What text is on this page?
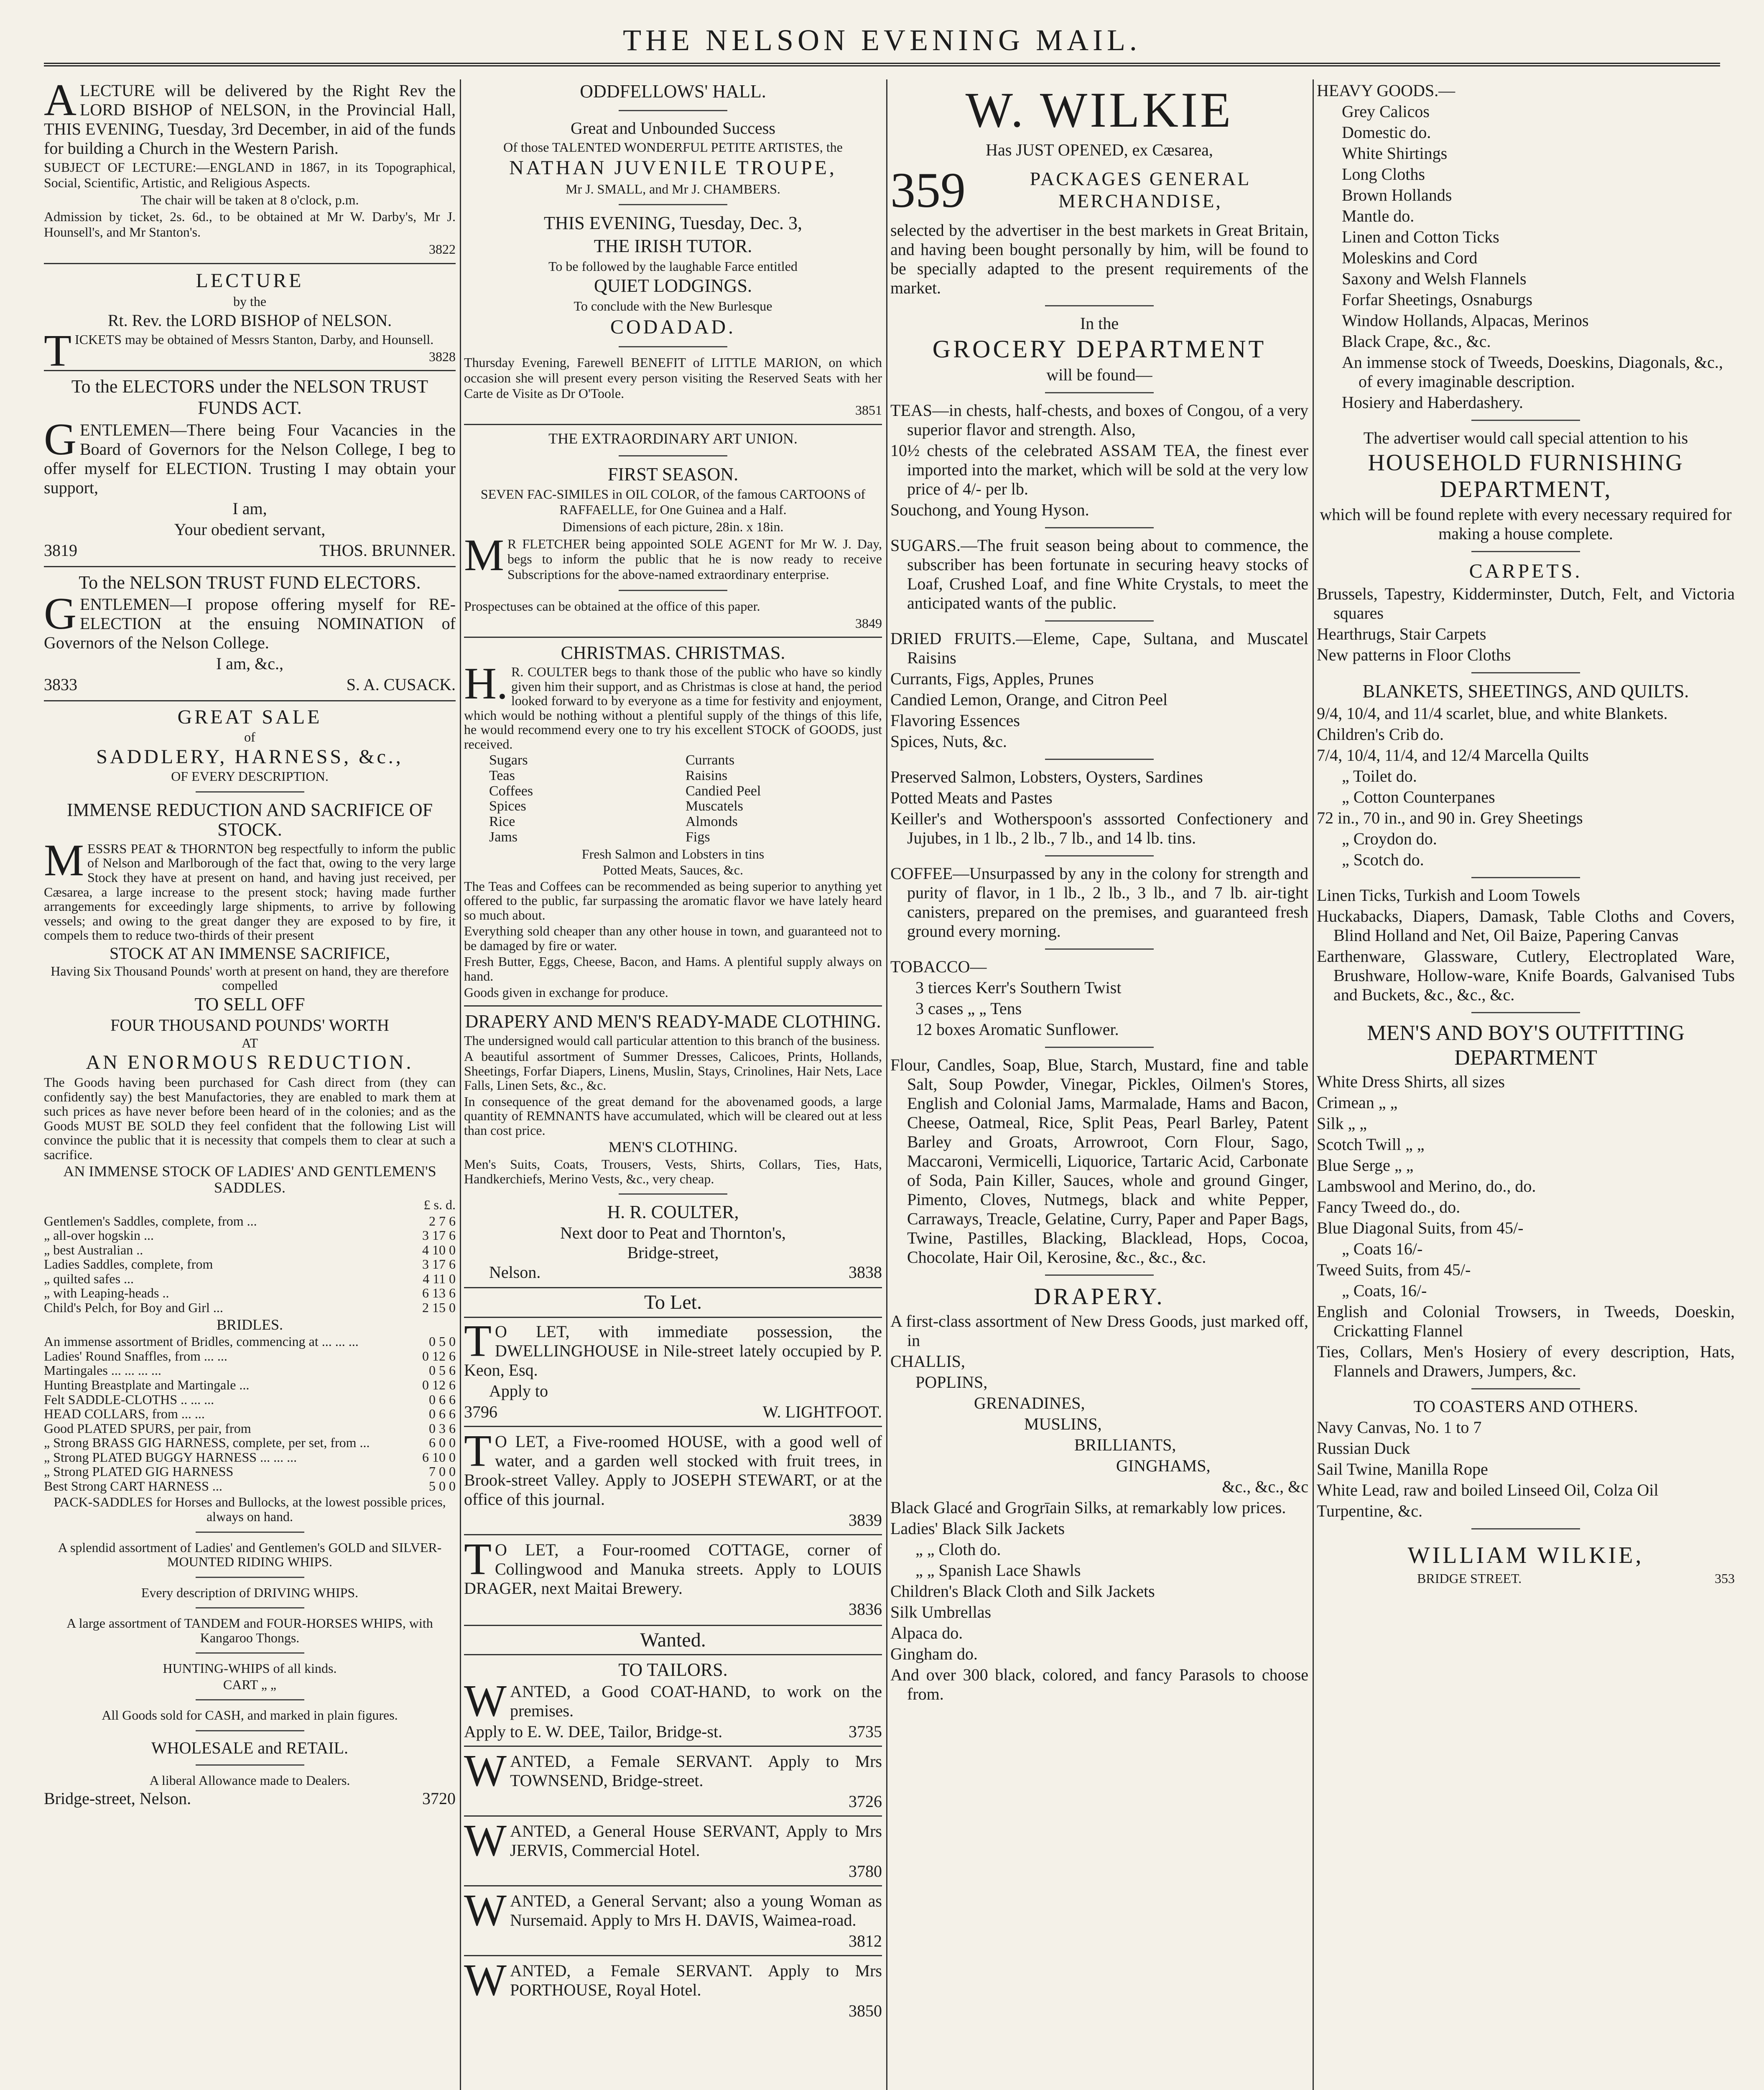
THE NELSON EVENING MAIL.

ALECTURE will be delivered by the Right Rev the LORD BISHOP of NELSON, in the Provincial Hall, THIS EVENING, Tuesday, 3rd December, in aid of the funds for building a Church in the Western Parish.

SUBJECT OF LECTURE:—ENGLAND in 1867, in its Topographical, Social, Scientific, Artistic, and Religious Aspects.

The chair will be taken at 8 o'clock, p.m.

Admission by ticket, 2s. 6d., to be obtained at Mr W. Darby's, Mr J. Hounsell's, and Mr Stanton's.

3822

LECTURE

by the

Rt. Rev. the LORD BISHOP of NELSON.

TICKETS may be obtained of Messrs Stanton, Darby, and Hounsell.

3828

To the ELECTORS under the NELSON TRUST FUNDS ACT.

GENTLEMEN—There being Four Vacancies in the Board of Governors for the Nelson College, I beg to offer myself for ELECTION. Trusting I may obtain your support,

I am,

Your obedient servant,

3819	THOS. BRUNNER.

To the NELSON TRUST FUND ELECTORS.

GENTLEMEN—I propose offering myself for RE-ELECTION at the ensuing NOMINATION of Governors of the Nelson College.

I am, &c.,

3833	S. A. CUSACK.

GREAT SALE

of

SADDLERY, HARNESS, &c.,

OF EVERY DESCRIPTION.

IMMENSE REDUCTION AND SACRIFICE OF STOCK.

MESSRS PEAT & THORNTON beg respectfully to inform the public of Nelson and Marlborough of the fact that, owing to the very large Stock they have at present on hand, and having just received, per Cæsarea, a large increase to the present stock; having made further arrangements for exceedingly large shipments, to arrive by following vessels; and owing to the great danger they are exposed to by fire, it compels them to reduce two-thirds of their present

STOCK AT AN IMMENSE SACRIFICE,

Having Six Thousand Pounds' worth at present on hand, they are therefore compelled

TO SELL OFF

FOUR THOUSAND POUNDS' WORTH

AT

AN ENORMOUS REDUCTION.

The Goods having been purchased for Cash direct from (they can confidently say) the best Manufactories, they are enabled to mark them at such prices as have never before been heard of in the colonies; and as the Goods MUST BE SOLD they feel confident that the following List will convince the public that it is necessity that compels them to clear at such a sacrifice.

AN IMMENSE STOCK OF LADIES' AND GENTLEMEN'S SADDLES.

£ s. d.

Gentlemen's Saddles, complete, from ...	2 7 6
„ all-over hogskin ...	3 17 6
„ best Australian ..	4 10 0
Ladies Saddles, complete, from	3 17 6
„ quilted safes ...	4 11 0
„ with Leaping-heads ..	6 13 6
Child's Pelch, for Boy and Girl ...	2 15 0

BRIDLES.

An immense assortment of Bridles, commencing at ... ... ...	0 5 0
Ladies' Round Snaffles, from ... ...	0 12 6
Martingales ... ... ... ...	0 5 6
Hunting Breastplate and Martingale ...	0 12 6
Felt SADDLE-CLOTHS .. ... ...	0 6 6
HEAD COLLARS, from ... ...	0 6 6
Good PLATED SPURS, per pair, from	0 3 6
„ Strong BRASS GIG HARNESS, complete, per set, from ...	6 0 0
„ Strong PLATED BUGGY HARNESS ... ... ...	6 10 0
„ Strong PLATED GIG HARNESS	7 0 0
Best Strong CART HARNESS ...	5 0 0

PACK-SADDLES for Horses and Bullocks, at the lowest possible prices, always on hand.

A splendid assortment of Ladies' and Gentlemen's GOLD and SILVER-MOUNTED RIDING WHIPS.

Every description of DRIVING WHIPS.

A large assortment of TANDEM and FOUR-HORSES WHIPS, with Kangaroo Thongs.

HUNTING-WHIPS of all kinds.

CART „ „

All Goods sold for CASH, and marked in plain figures.

WHOLESALE and RETAIL.

A liberal Allowance made to Dealers.

Bridge-street, Nelson.	3720

ODDFELLOWS' HALL.

Great and Unbounded Success

Of those TALENTED WONDERFUL PETITE ARTISTES, the

NATHAN JUVENILE TROUPE,

Mr J. SMALL, and Mr J. CHAMBERS.

THIS EVENING, Tuesday, Dec. 3,

THE IRISH TUTOR.

To be followed by the laughable Farce entitled

QUIET LODGINGS.

To conclude with the New Burlesque

CODADAD.

Thursday Evening, Farewell BENEFIT of LITTLE MARION, on which occasion she will present every person visiting the Reserved Seats with her Carte de Visite as Dr O'Toole.

3851

THE EXTRAORDINARY ART UNION.

FIRST SEASON.

SEVEN FAC-SIMILES in OIL COLOR, of the famous CARTOONS of RAFFAELLE, for One Guinea and a Half.

Dimensions of each picture, 28in. x 18in.

MR FLETCHER being appointed SOLE AGENT for Mr W. J. Day, begs to inform the public that he is now ready to receive Subscriptions for the above-named extraordinary enterprise.

Prospectuses can be obtained at the office of this paper.

3849

CHRISTMAS. CHRISTMAS.

H.R. COULTER begs to thank those of the public who have so kindly given him their support, and as Christmas is close at hand, the period looked forward to by everyone as a time for festivity and enjoyment, which would be nothing without a plentiful supply of the things of this life, he would recommend every one to try his excellent STOCK of GOODS, just received.

Sugars	Currants
Teas	Raisins
Coffees	Candied Peel
Spices	Muscatels
Rice	Almonds
Jams	Figs

Fresh Salmon and Lobsters in tins

Potted Meats, Sauces, &c.

The Teas and Coffees can be recommended as being superior to anything yet offered to the public, far surpassing the aromatic flavor we have lately heard so much about.

Everything sold cheaper than any other house in town, and guaranteed not to be damaged by fire or water.

Fresh Butter, Eggs, Cheese, Bacon, and Hams. A plentiful supply always on hand.

Goods given in exchange for produce.

DRAPERY AND MEN'S READY-MADE CLOTHING.

The undersigned would call particular attention to this branch of the business.

A beautiful assortment of Summer Dresses, Calicoes, Prints, Hollands, Sheetings, Forfar Diapers, Linens, Muslin, Stays, Crinolines, Hair Nets, Lace Falls, Linen Sets, &c., &c.

In consequence of the great demand for the abovenamed goods, a large quantity of REMNANTS have accumulated, which will be cleared out at less than cost price.

MEN'S CLOTHING.

Men's Suits, Coats, Trousers, Vests, Shirts, Collars, Ties, Hats, Handkerchiefs, Merino Vests, &c., very cheap.

H. R. COULTER,

Next door to Peat and Thornton's,

Bridge-street,

Nelson.	3838
To Let.

TO LET, with immediate possession, the DWELLINGHOUSE in Nile-street lately occupied by P. Keon, Esq.

Apply to

3796	W. LIGHTFOOT.

TO LET, a Five-roomed HOUSE, with a good well of water, and a garden well stocked with fruit trees, in Brook-street Valley. Apply to JOSEPH STEWART, or at the office of this journal.

3839

TO LET, a Four-roomed COTTAGE, corner of Collingwood and Manuka streets. Apply to LOUIS DRAGER, next Maitai Brewery.

3836

Wanted.

TO TAILORS.

WANTED, a Good COAT-HAND, to work on the premises.

Apply to E. W. DEE, Tailor, Bridge-st.	3735

WANTED, a Female SERVANT. Apply to Mrs TOWNSEND, Bridge-street.

3726

WANTED, a General House SERVANT, Apply to Mrs JERVIS, Commercial Hotel.

3780

WANTED, a General Servant; also a young Woman as Nursemaid. Apply to Mrs H. DAVIS, Waimea-road.

3812

WANTED, a Female SERVANT. Apply to Mrs PORTHOUSE, Royal Hotel.

3850

W. WILKIE

Has JUST OPENED, ex Cæsarea,

359	PACKAGES GENERAL MERCHANDISE,

selected by the advertiser in the best markets in Great Britain, and having been bought personally by him, will be found to be specially adapted to the present requirements of the market.

In the

GROCERY DEPARTMENT

will be found—

TEAS—in chests, half-chests, and boxes of Congou, of a very superior flavor and strength. Also,

10½ chests of the celebrated ASSAM TEA, the finest ever imported into the market, which will be sold at the very low price of 4/- per lb.

Souchong, and Young Hyson.

SUGARS.—The fruit season being about to commence, the subscriber has been fortunate in securing heavy stocks of Loaf, Crushed Loaf, and fine White Crystals, to meet the anticipated wants of the public.

DRIED FRUITS.—Eleme, Cape, Sultana, and Muscatel Raisins

Currants, Figs, Apples, Prunes

Candied Lemon, Orange, and Citron Peel

Flavoring Essences

Spices, Nuts, &c.

Preserved Salmon, Lobsters, Oysters, Sardines

Potted Meats and Pastes

Keiller's and Wotherspoon's asssorted Confectionery and Jujubes, in 1 lb., 2 lb., 7 lb., and 14 lb. tins.

COFFEE—Unsurpassed by any in the colony for strength and purity of flavor, in 1 lb., 2 lb., 3 lb., and 7 lb. air-tight canisters, prepared on the premises, and guaranteed fresh ground every morning.

TOBACCO—

3 tierces Kerr's Southern Twist

3 cases „ „ Tens

12 boxes Aromatic Sunflower.

Flour, Candles, Soap, Blue, Starch, Mustard, fine and table Salt, Soup Powder, Vinegar, Pickles, Oilmen's Stores, English and Colonial Jams, Marmalade, Hams and Bacon, Cheese, Oatmeal, Rice, Split Peas, Pearl Barley, Patent Barley and Groats, Arrowroot, Corn Flour, Sago, Maccaroni, Vermicelli, Liquorice, Tartaric Acid, Carbonate of Soda, Pain Killer, Sauces, whole and ground Ginger, Pimento, Cloves, Nutmegs, black and white Pepper, Carraways, Treacle, Gelatine, Curry, Paper and Paper Bags, Twine, Pastilles, Blacking, Blacklead, Hops, Cocoa, Chocolate, Hair Oil, Kerosine, &c., &c., &c.

DRAPERY.

A first-class assortment of New Dress Goods, just marked off, in

CHALLIS,

POPLINS,

GRENADINES,

MUSLINS,

BRILLIANTS,

GINGHAMS,

&c., &c., &c

Black Glacé and Grogrīain Silks, at remarkably low prices.

Ladies' Black Silk Jackets

„ „ Cloth do.

„ „ Spanish Lace Shawls

Children's Black Cloth and Silk Jackets

Silk Umbrellas

Alpaca do.

Gingham do.

And over 300 black, colored, and fancy Parasols to choose from.

HEAVY GOODS.—

Grey Calicos

Domestic do.

White Shirtings

Long Cloths

Brown Hollands

Mantle do.

Linen and Cotton Ticks

Moleskins and Cord

Saxony and Welsh Flannels

Forfar Sheetings, Osnaburgs

Window Hollands, Alpacas, Merinos

Black Crape, &c., &c.

An immense stock of Tweeds, Doeskins, Diagonals, &c., of every imaginable description.

Hosiery and Haberdashery.

The advertiser would call special attention to his

HOUSEHOLD FURNISHING DEPARTMENT,

which will be found replete with every necessary required for making a house complete.

CARPETS.

Brussels, Tapestry, Kidderminster, Dutch, Felt, and Victoria squares

Hearthrugs, Stair Carpets

New patterns in Floor Cloths

BLANKETS, SHEETINGS, AND QUILTS.

9/4, 10/4, and 11/4 scarlet, blue, and white Blankets.

Children's Crib do.

7/4, 10/4, 11/4, and 12/4 Marcella Quilts

„ Toilet do.

„ Cotton Counterpanes

72 in., 70 in., and 90 in. Grey Sheetings

„ Croydon do.

„ Scotch do.

Linen Ticks, Turkish and Loom Towels

Huckabacks, Diapers, Damask, Table Cloths and Covers, Blind Holland and Net, Oil Baize, Papering Canvas

Earthenware, Glassware, Cutlery, Electroplated Ware, Brushware, Hollow-ware, Knife Boards, Galvanised Tubs and Buckets, &c., &c., &c.

MEN'S AND BOY'S OUTFITTING DEPARTMENT

White Dress Shirts, all sizes

Crimean „ „

Silk „ „

Scotch Twill „ „

Blue Serge „ „

Lambswool and Merino, do., do.

Fancy Tweed do., do.

Blue Diagonal Suits, from 45/-

„ Coats 16/-

Tweed Suits, from 45/-

„ Coats, 16/-

English and Colonial Trowsers, in Tweeds, Doeskin, Crickatting Flannel

Ties, Collars, Men's Hosiery of every description, Hats, Flannels and Drawers, Jumpers, &c.

TO COASTERS AND OTHERS.

Navy Canvas, No. 1 to 7

Russian Duck

Sail Twine, Manilla Rope

White Lead, raw and boiled Linseed Oil, Colza Oil

Turpentine, &c.

WILLIAM WILKIE,

BRIDGE STREET.	353
